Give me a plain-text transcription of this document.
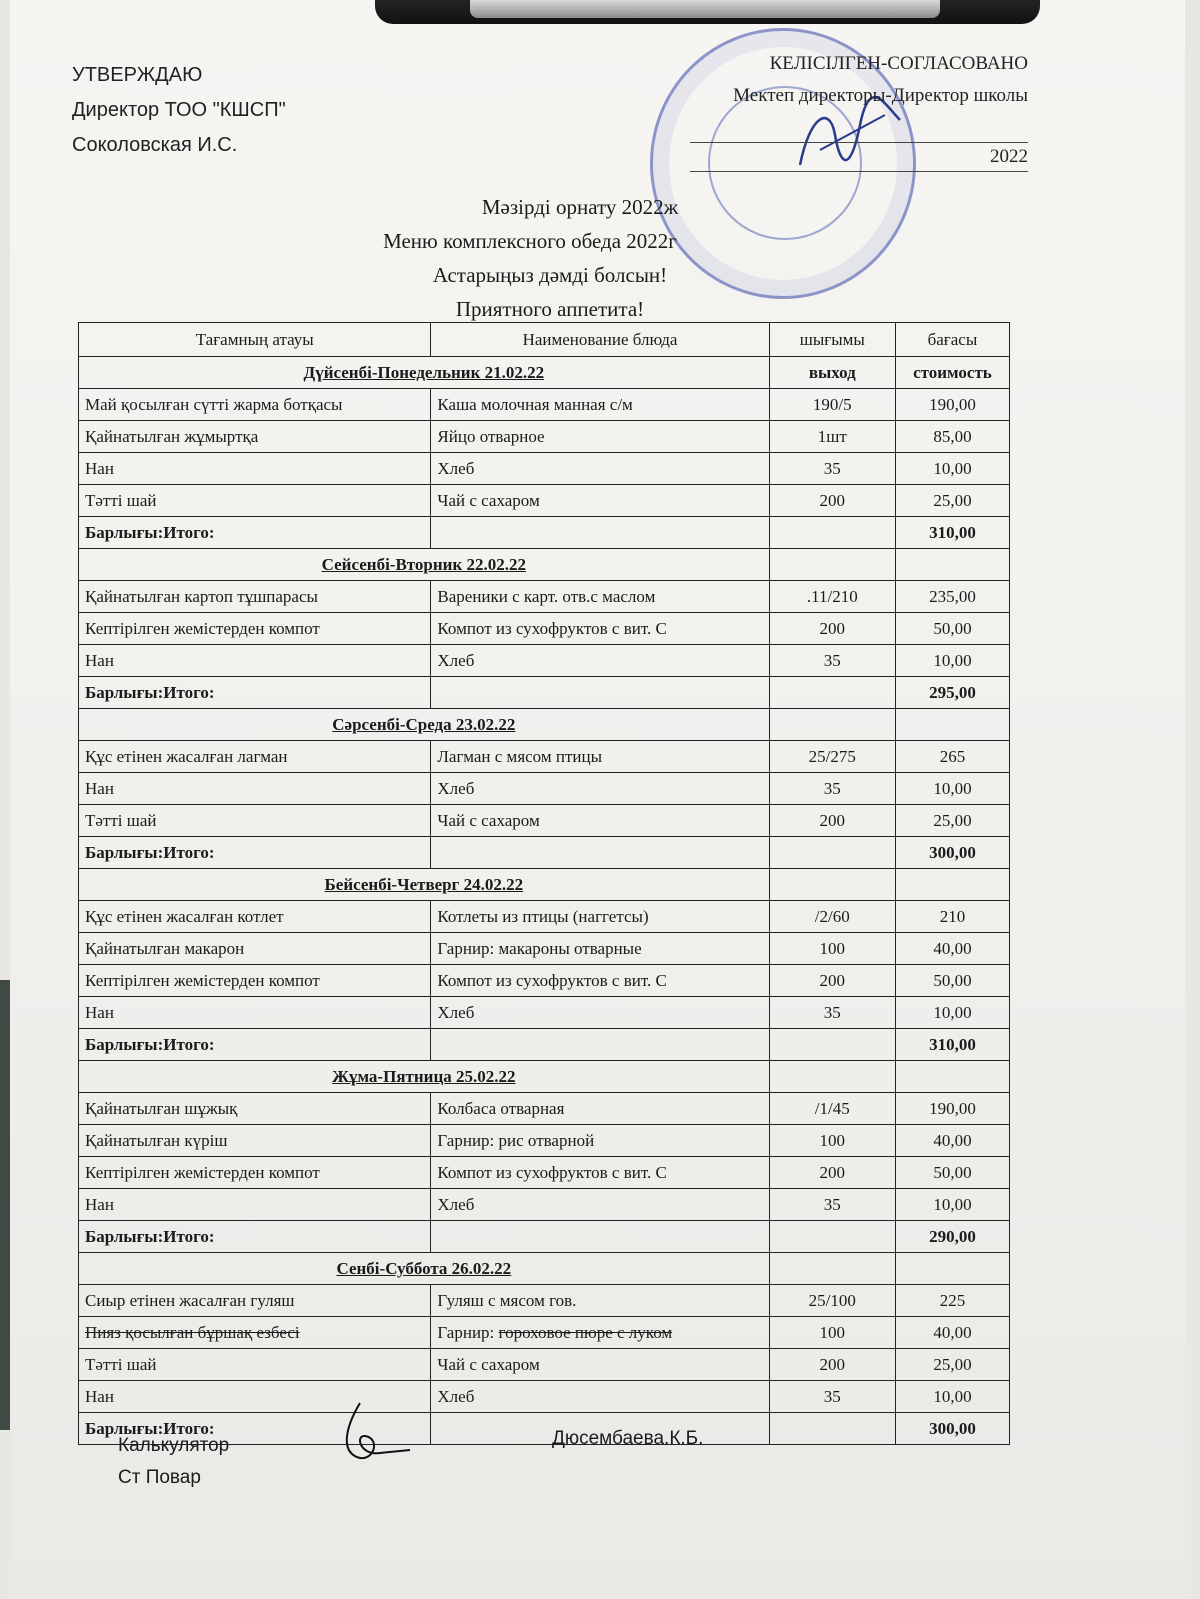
УТВЕРЖДАЮ
Директор ТОО "КШСП"
Соколовская И.С.
КЕЛІСІЛГЕН-СОГЛАСОВАНО
Мектеп директоры-Директор школы
2022
Мәзірді орнату 2022ж
Меню комплексного обеда 2022г
Астарыңыз дәмді болсын!
Приятного аппетита!
Тағамның атауы	Наименование блюда	шығымы	бағасы
Дүйсенбі-Понедельник 21.02.22		выход	стоимость
Май қосылған сүтті жарма ботқасы	Каша молочная манная с/м	190/5	190,00
Қайнатылған жұмыртқа	Яйцо отварное	1шт	85,00
Нан	Хлеб	35	10,00
Тәтті шай	Чай с сахаром	200	25,00
Барлығы:Итого:			310,00
Сейсенбі-Вторник 22.02.22			
Қайнатылған картоп тұшпарасы	Вареники с карт. отв.с маслом	.11/210	235,00
Кептірілген жемістерден компот	Компот из сухофруктов с вит. С	200	50,00
Нан	Хлеб	35	10,00
Барлығы:Итого:			295,00
Сәрсенбі-Среда 23.02.22			
Құс етінен жасалған лагман	Лагман с мясом птицы	25/275	265
Нан	Хлеб	35	10,00
Тәтті шай	Чай с сахаром	200	25,00
Барлығы:Итого:			300,00
Бейсенбі-Четверг 24.02.22			
Құс етінен жасалған котлет	Котлеты из птицы (наггетсы)	/2/60	210
Қайнатылған макарон	Гарнир: макароны отварные	100	40,00
Кептірілген жемістерден компот	Компот из сухофруктов с вит. С	200	50,00
Нан	Хлеб	35	10,00
Барлығы:Итого:			310,00
Жұма-Пятница 25.02.22			
Қайнатылған шұжық	Колбаса отварная	/1/45	190,00
Қайнатылған күріш	Гарнир: рис отварной	100	40,00
Кептірілген жемістерден компот	Компот из сухофруктов с вит. С	200	50,00
Нан	Хлеб	35	10,00
Барлығы:Итого:			290,00
Сенбі-Суббота 26.02.22			
Сиыр етінен жасалған гуляш	Гуляш с мясом гов.	25/100	225
Пияз қосылған бұршақ езбесі	Гарнир: гороховое пюре с луком	100	40,00
Тәтті шай	Чай с сахаром	200	25,00
Нан	Хлеб	35	10,00
Барлығы:Итого:			300,00
Калькулятор
Ст Повар
Дюсембаева.К.Б.
